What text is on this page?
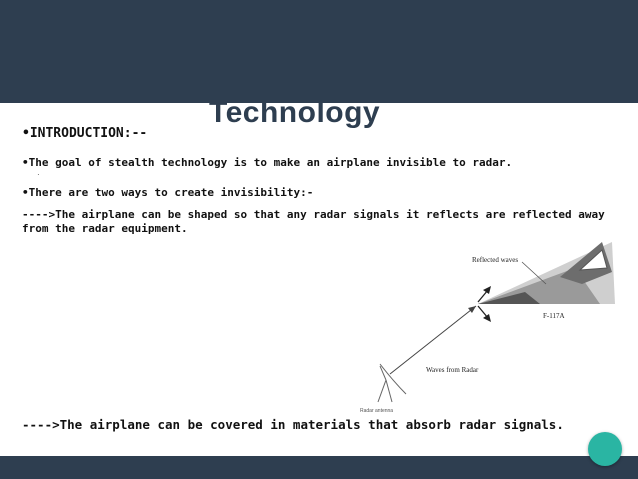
Technology
•INTRODUCTION:--
•The goal of stealth technology is to make an airplane invisible to radar.
·
•There are two ways to create invisibility:-
---->The airplane can be shaped so that any radar signals it reflects are reflected away from the radar equipment.
Reflected waves
F-117A
Waves from Radar
Radar antenna
---->The airplane can be covered in materials that absorb radar signals.
